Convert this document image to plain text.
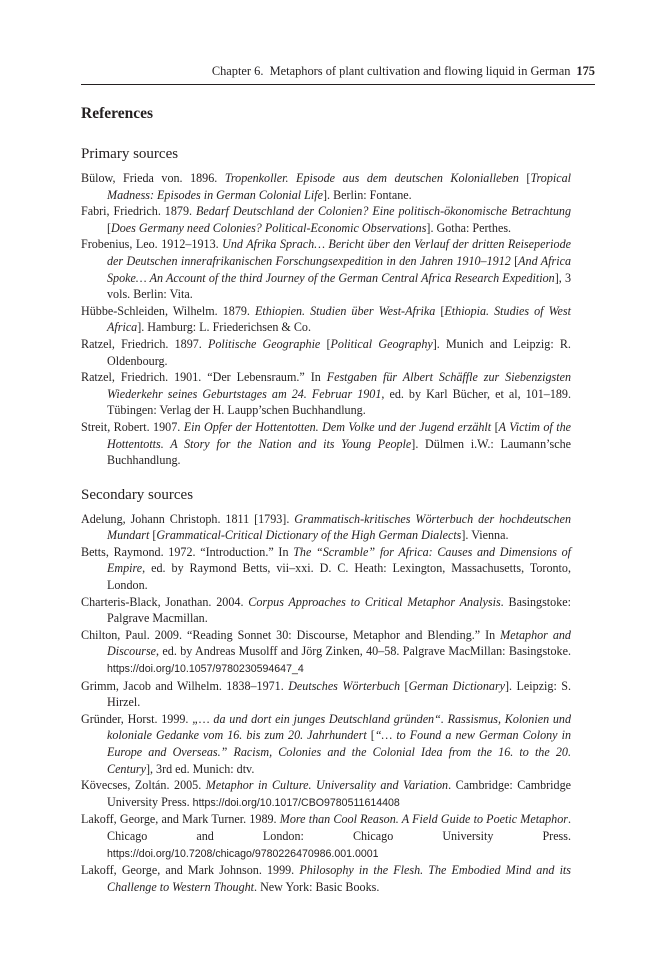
Chapter 6. Metaphors of plant cultivation and flowing liquid in German 175
References
Primary sources

Bülow, Frieda von. 1896. Tropenkoller. Episode aus dem deutschen Kolonialleben [Tropical Madness: Episodes in German Colonial Life]. Berlin: Fontane.

Fabri, Friedrich. 1879. Bedarf Deutschland der Colonien? Eine politisch-ökonomische Betrachtung [Does Germany need Colonies? Political-Economic Observations]. Gotha: Perthes.

Frobenius, Leo. 1912–1913. Und Afrika Sprach… Bericht über den Verlauf der dritten Reiseperiode der Deutschen innerafrikanischen Forschungsexpedition in den Jahren 1910–1912 [And Africa Spoke… An Account of the third Journey of the German Central Africa Research Expedition], 3 vols. Berlin: Vita.

Hübbe-Schleiden, Wilhelm. 1879. Ethiopien. Studien über West-Afrika [Ethiopia. Studies of West Africa]. Hamburg: L. Friederichsen & Co.

Ratzel, Friedrich. 1897. Politische Geographie [Political Geography]. Munich and Leipzig: R. Oldenbourg.

Ratzel, Friedrich. 1901. “Der Lebensraum.” In Festgaben für Albert Schäffle zur Siebenzigsten Wiederkehr seines Geburtstages am 24. Februar 1901, ed. by Karl Bücher, et al, 101–189. Tübingen: Verlag der H. Laupp’schen Buchhandlung.

Streit, Robert. 1907. Ein Opfer der Hottentotten. Dem Volke und der Jugend erzählt [A Victim of the Hottentotts. A Story for the Nation and its Young People]. Dülmen i.W.: Laumann’sche Buchhandlung.

Secondary sources

Adelung, Johann Christoph. 1811 [1793]. Grammatisch-kritisches Wörterbuch der hochdeutschen Mundart [Grammatical-Critical Dictionary of the High German Dialects]. Vienna.

Betts, Raymond. 1972. “Introduction.” In The “Scramble” for Africa: Causes and Dimensions of Empire, ed. by Raymond Betts, vii–xxi. D. C. Heath: Lexington, Massachusetts, Toronto, London.

Charteris-Black, Jonathan. 2004. Corpus Approaches to Critical Metaphor Analysis. Basingstoke: Palgrave Macmillan.

Chilton, Paul. 2009. “Reading Sonnet 30: Discourse, Metaphor and Blending.” In Metaphor and Discourse, ed. by Andreas Musolff and Jörg Zinken, 40–58. Palgrave MacMillan: Basingstoke. https://doi.org/10.1057/9780230594647_4

Grimm, Jacob and Wilhelm. 1838–1971. Deutsches Wörterbuch [German Dictionary]. Leipzig: S. Hirzel.

Gründer, Horst. 1999. „… da und dort ein junges Deutschland gründen“. Rassismus, Kolonien und koloniale Gedanke vom 16. bis zum 20. Jahrhundert [“… to Found a new German Colony in Europe and Overseas.” Racism, Colonies and the Colonial Idea from the 16. to the 20. Century], 3rd ed. Munich: dtv.

Kövecses, Zoltán. 2005. Metaphor in Culture. Universality and Variation. Cambridge: Cambridge University Press. https://doi.org/10.1017/CBO9780511614408

Lakoff, George, and Mark Turner. 1989. More than Cool Reason. A Field Guide to Poetic Metaphor. Chicago and London: Chicago University Press. https://doi.org/10.7208/chicago/9780226470986.001.0001

Lakoff, George, and Mark Johnson. 1999. Philosophy in the Flesh. The Embodied Mind and its Challenge to Western Thought. New York: Basic Books.
